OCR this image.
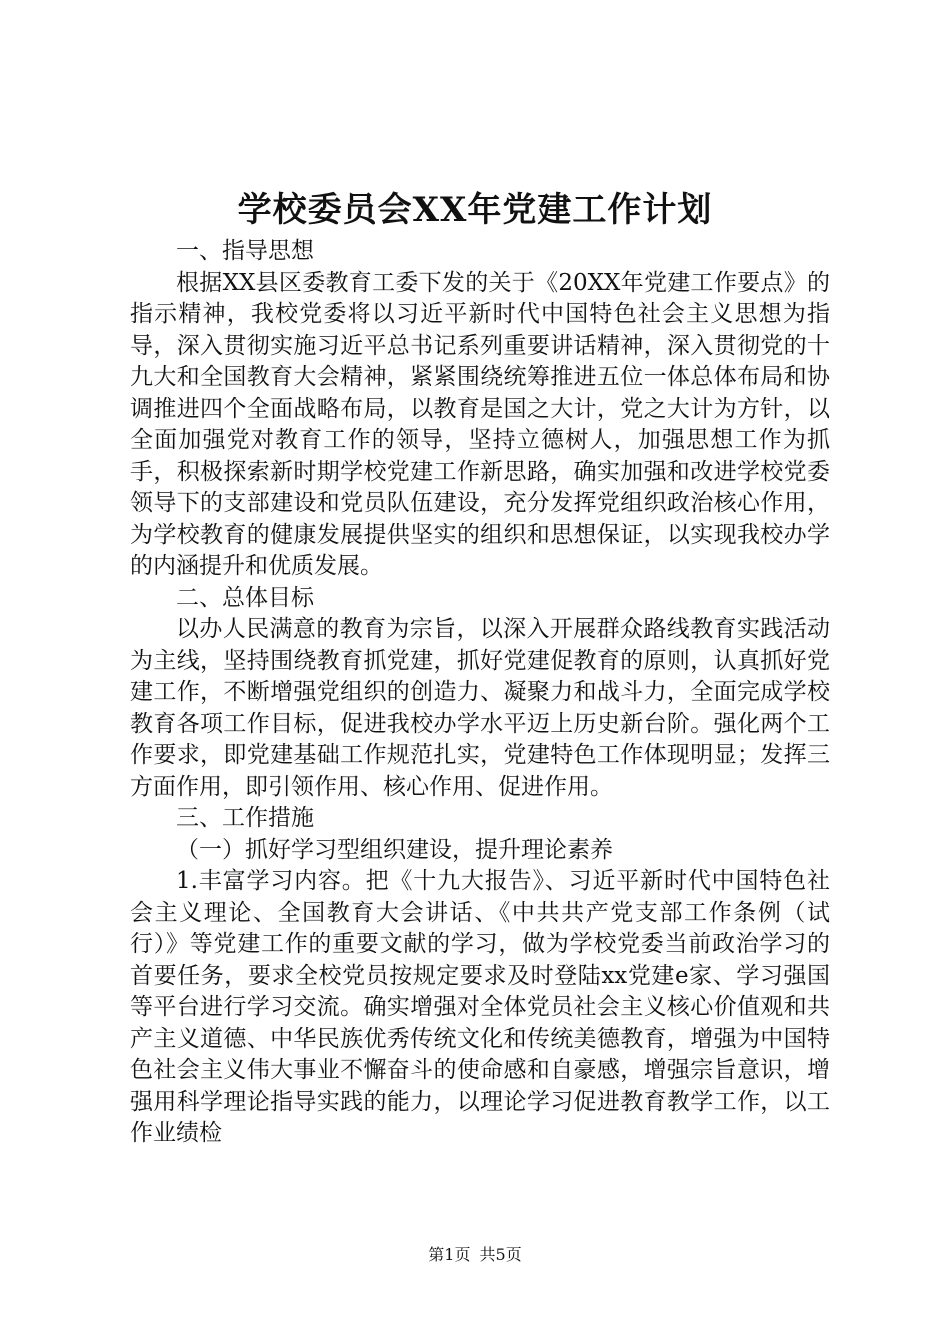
学校委员会XX年党建工作计划

一、指导思想

根据XX县区委教育工委下发的关于《20XX年党建工作要点》的指示精神，我校党委将以习近平新时代中国特色社会主义思想为指导，深入贯彻实施习近平总书记系列重要讲话精神，深入贯彻党的十九大和全国教育大会精神，紧紧围绕统筹推进五位一体总体布局和协调推进四个全面战略布局，以教育是国之大计，党之大计为方针，以全面加强党对教育工作的领导，坚持立德树人，加强思想工作为抓手，积极探索新时期学校党建工作新思路，确实加强和改进学校党委领导下的支部建设和党员队伍建设，充分发挥党组织政治核心作用，为学校教育的健康发展提供坚实的组织和思想保证，以实现我校办学的内涵提升和优质发展。

二、总体目标

以办人民满意的教育为宗旨，以深入开展群众路线教育实践活动为主线，坚持围绕教育抓党建，抓好党建促教育的原则，认真抓好党建工作，不断增强党组织的创造力、凝聚力和战斗力，全面完成学校教育各项工作目标，促进我校办学水平迈上历史新台阶。强化两个工作要求，即党建基础工作规范扎实，党建特色工作体现明显；发挥三方面作用，即引领作用、核心作用、促进作用。

三、工作措施

（一）抓好学习型组织建设，提升理论素养

1.丰富学习内容。把《十九大报告》、习近平新时代中国特色社会主义理论、全国教育大会讲话、《中共共产党支部工作条例（试行）》等党建工作的重要文献的学习，做为学校党委当前政治学习的首要任务，要求全校党员按规定要求及时登陆xx党建e家、学习强国等平台进行学习交流。确实增强对全体党员社会主义核心价值观和共产主义道德、中华民族优秀传统文化和传统美德教育，增强为中国特色社会主义伟大事业不懈奋斗的使命感和自豪感，增强宗旨意识，增强用科学理论指导实践的能力，以理论学习促进教育教学工作，以工作业绩检

第1页 共5页
